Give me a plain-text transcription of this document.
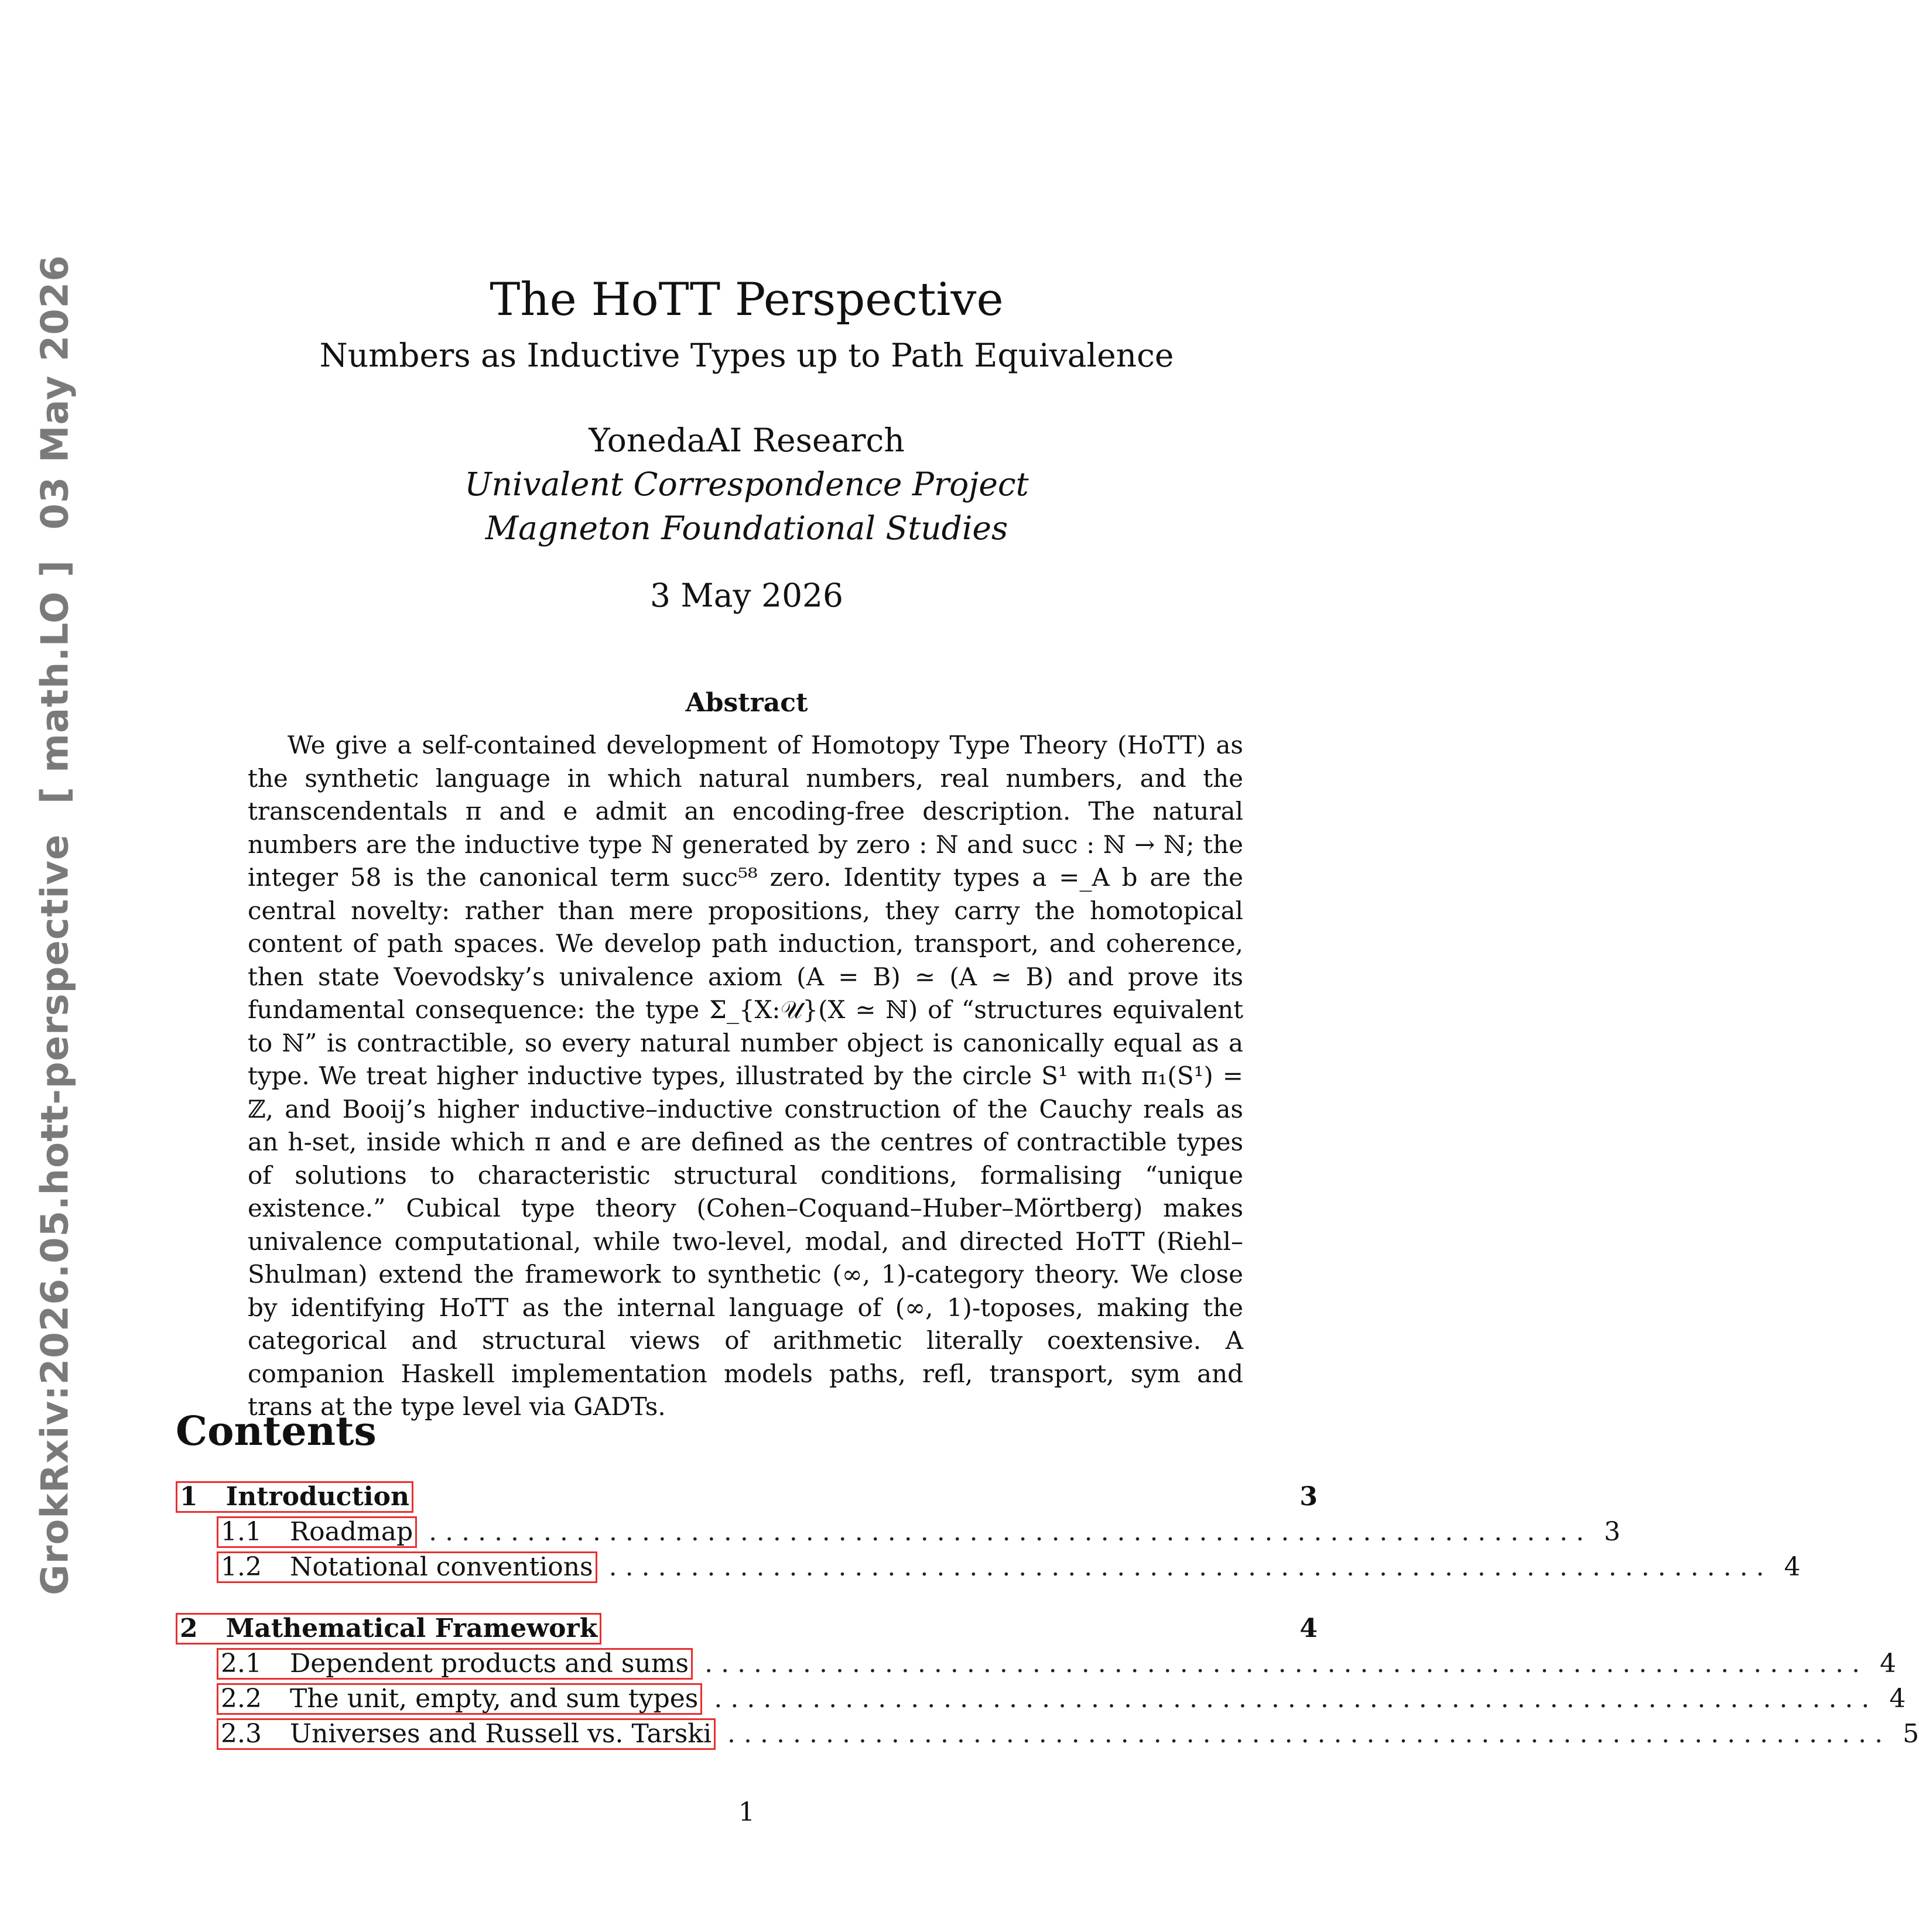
GrokRxiv:2026.05.hott-perspective [ math.LO ] 03 May 2026	The HoTT Perspective
Numbers as Inductive Types up to Path Equivalence
YonedaAI Research
Univalent Correspondence Project
Magneton Foundational Studies
3 May 2026
Abstract

We give a self-contained development of Homotopy Type Theory (HoTT) as the synthetic language in which natural numbers, real numbers, and the transcendentals π and e admit an encoding-free description. The natural numbers are the inductive type ℕ generated by zero : ℕ and succ : ℕ → ℕ; the integer 58 is the canonical term succ⁵⁸ zero. Identity types a =_A b are the central novelty: rather than mere propositions, they carry the homotopical content of path spaces. We develop path induction, transport, and coherence, then state Voevodsky’s univalence axiom (A = B) ≃ (A ≃ B) and prove its fundamental consequence: the type Σ_{X:𝒰}(X ≃ ℕ) of “structures equivalent to ℕ” is contractible, so every natural number object is canonically equal as a type. We treat higher inductive types, illustrated by the circle S¹ with π₁(S¹) = ℤ, and Booij’s higher inductive–inductive construction of the Cauchy reals as an h-set, inside which π and e are defined as the centres of contractible types of solutions to characteristic structural conditions, formalising “unique existence.” Cubical type theory (Cohen–Coquand–Huber–Mörtberg) makes univalence computational, while two-level, modal, and directed HoTT (Riehl–Shulman) extend the framework to synthetic (∞, 1)-category theory. We close by identifying HoTT as the internal language of (∞, 1)-toposes, making the categorical and structural views of arithmetic literally coextensive. A companion Haskell implementation models paths, refl, transport, sym and trans at the type level via GADTs.

Contents
1 Introduction	3
1.1 Roadmap ....................................................................... 3
1.2 Notational conventions ....................................................................... 4
2 Mathematical Framework	4
2.1 Dependent products and sums ....................................................................... 4
2.2 The unit, empty, and sum types ....................................................................... 4
2.3 Universes and Russell vs. Tarski ....................................................................... 5
1
